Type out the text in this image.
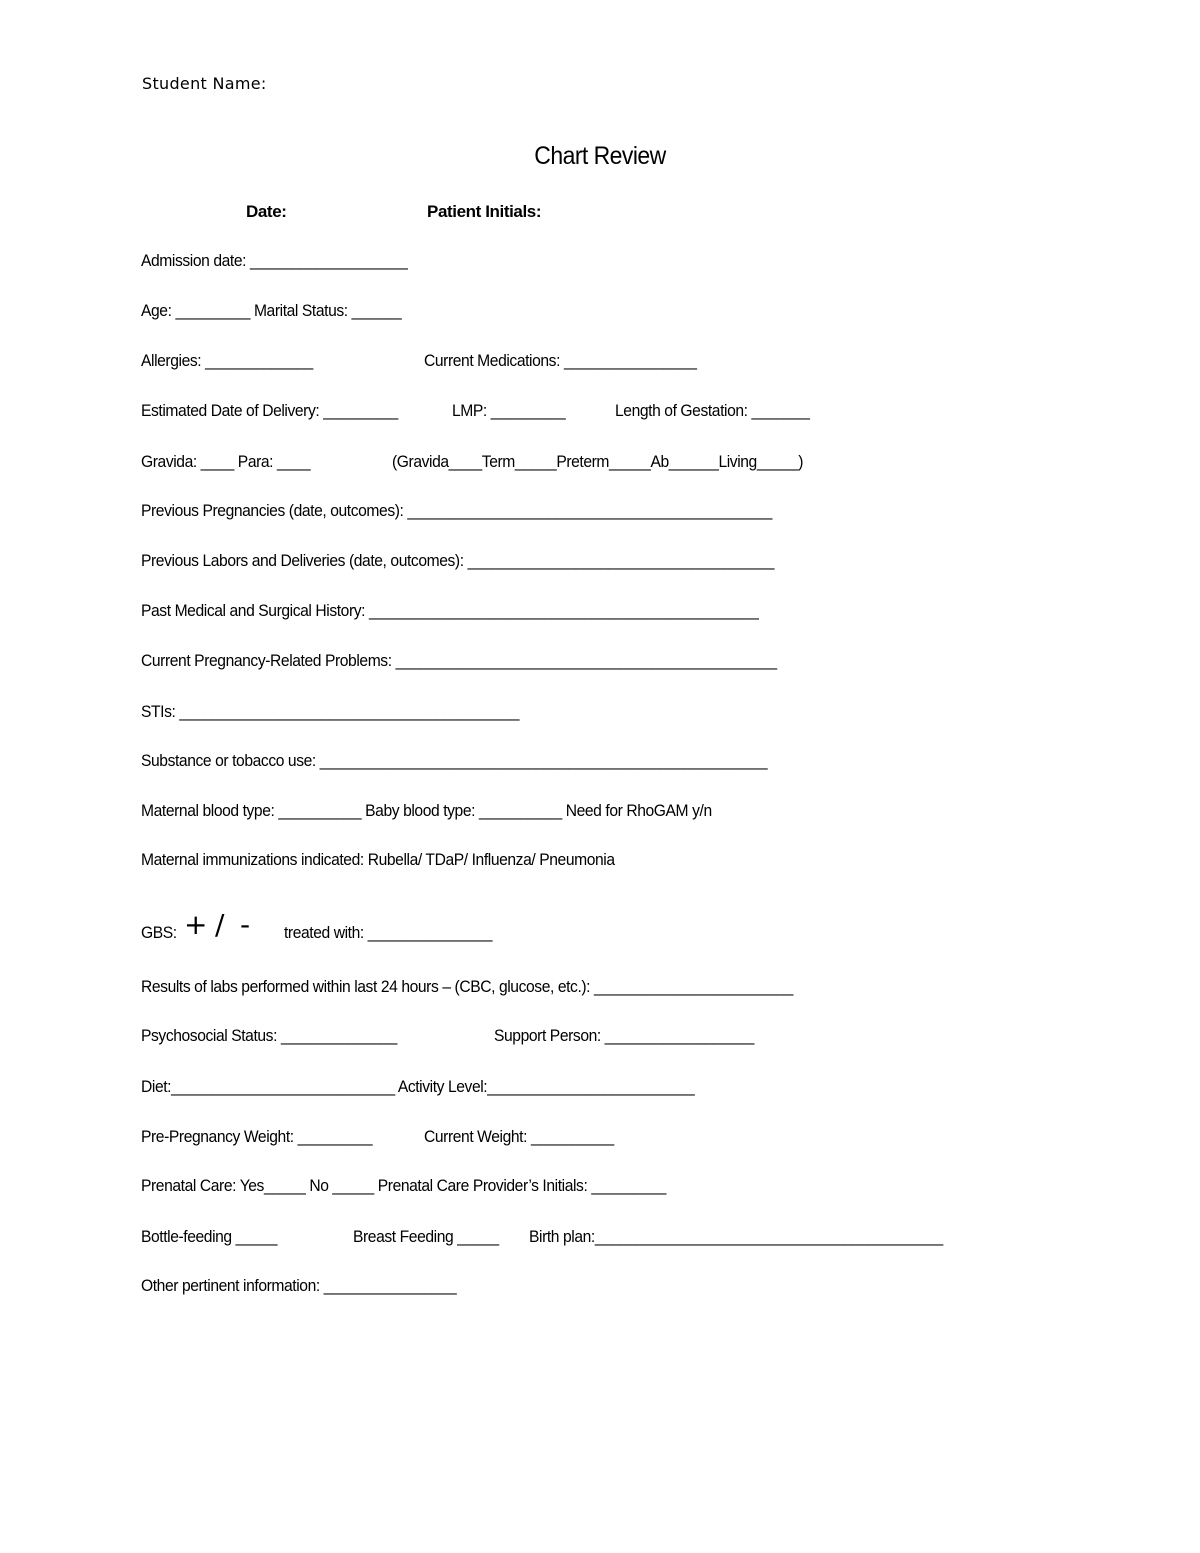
Student Name:
Chart Review
Date:	Patient Initials:
Admission date: ___________________
Age: _________ Marital Status: ______
Allergies: _____________	Current Medications: ________________
Estimated Date of Delivery: _________	LMP: _________	Length of Gestation: _______
Gravida: ____ Para: ____	(Gravida____Term_____Preterm_____Ab______Living_____)
Previous Pregnancies (date, outcomes): ____________________________________________
Previous Labors and Deliveries (date, outcomes): _____________________________________
Past Medical and Surgical History: _______________________________________________
Current Pregnancy-Related Problems: ______________________________________________
STIs: _________________________________________
Substance or tobacco use: ______________________________________________________
Maternal blood type: __________ Baby blood type: __________ Need for RhoGAM y/n
Maternal immunizations indicated: Rubella/ TDaP/ Influenza/ Pneumonia
GBS: + / - treated with: _______________
Results of labs performed within last 24 hours – (CBC, glucose, etc.): ________________________
Psychosocial Status: ______________	Support Person: __________________
Diet:___________________________ Activity Level:_________________________
Pre-Pregnancy Weight: _________	Current Weight: __________
Prenatal Care: Yes_____ No _____ Prenatal Care Provider’s Initials: _________
Bottle-feeding _____	Breast Feeding _____ Birth plan:__________________________________________
Other pertinent information: ________________
